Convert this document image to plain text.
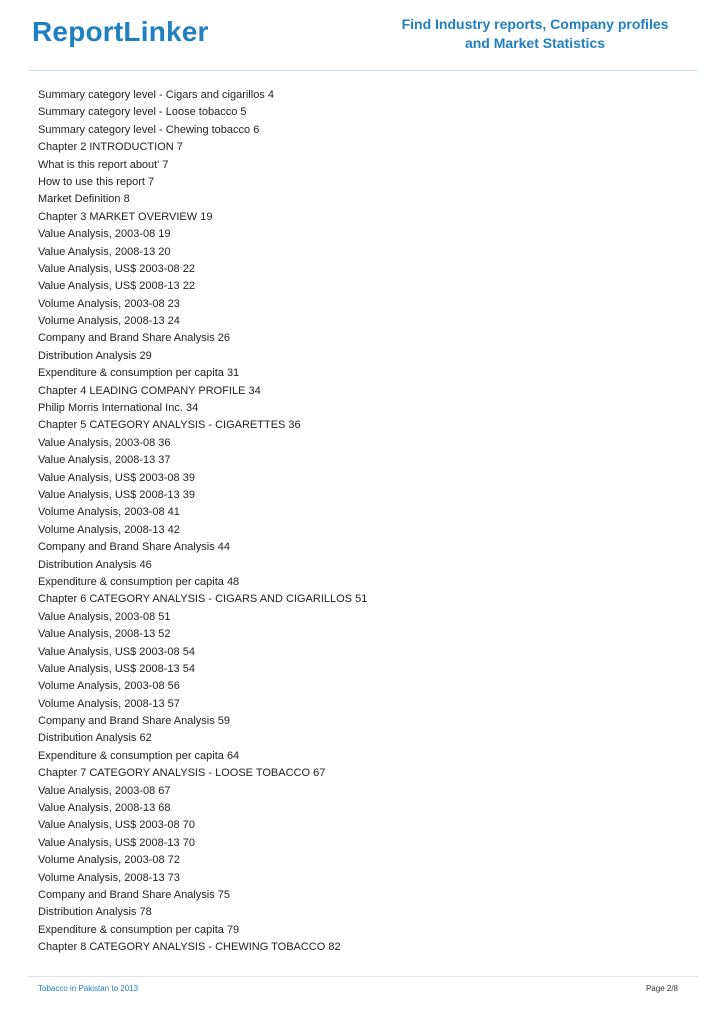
ReportLinker	Find Industry reports, Company profiles
and Market Statistics
Summary category level - Cigars and cigarillos 4
Summary category level - Loose tobacco 5
Summary category level - Chewing tobacco 6
Chapter 2 INTRODUCTION 7
What is this report about' 7
How to use this report 7
Market Definition 8
Chapter 3 MARKET OVERVIEW 19
Value Analysis, 2003-08 19
Value Analysis, 2008-13 20
Value Analysis, US$ 2003-08 22
Value Analysis, US$ 2008-13 22
Volume Analysis, 2003-08 23
Volume Analysis, 2008-13 24
Company and Brand Share Analysis 26
Distribution Analysis 29
Expenditure & consumption per capita 31
Chapter 4 LEADING COMPANY PROFILE 34
Philip Morris International Inc. 34
Chapter 5 CATEGORY ANALYSIS - CIGARETTES 36
Value Analysis, 2003-08 36
Value Analysis, 2008-13 37
Value Analysis, US$ 2003-08 39
Value Analysis, US$ 2008-13 39
Volume Analysis, 2003-08 41
Volume Analysis, 2008-13 42
Company and Brand Share Analysis 44
Distribution Analysis 46
Expenditure & consumption per capita 48
Chapter 6 CATEGORY ANALYSIS - CIGARS AND CIGARILLOS 51
Value Analysis, 2003-08 51
Value Analysis, 2008-13 52
Value Analysis, US$ 2003-08 54
Value Analysis, US$ 2008-13 54
Volume Analysis, 2003-08 56
Volume Analysis, 2008-13 57
Company and Brand Share Analysis 59
Distribution Analysis 62
Expenditure & consumption per capita 64
Chapter 7 CATEGORY ANALYSIS - LOOSE TOBACCO 67
Value Analysis, 2003-08 67
Value Analysis, 2008-13 68
Value Analysis, US$ 2003-08 70
Value Analysis, US$ 2008-13 70
Volume Analysis, 2003-08 72
Volume Analysis, 2008-13 73
Company and Brand Share Analysis 75
Distribution Analysis 78
Expenditure & consumption per capita 79
Chapter 8 CATEGORY ANALYSIS - CHEWING TOBACCO 82
Tobacco in Pakistan to 2013	Page 2/8
